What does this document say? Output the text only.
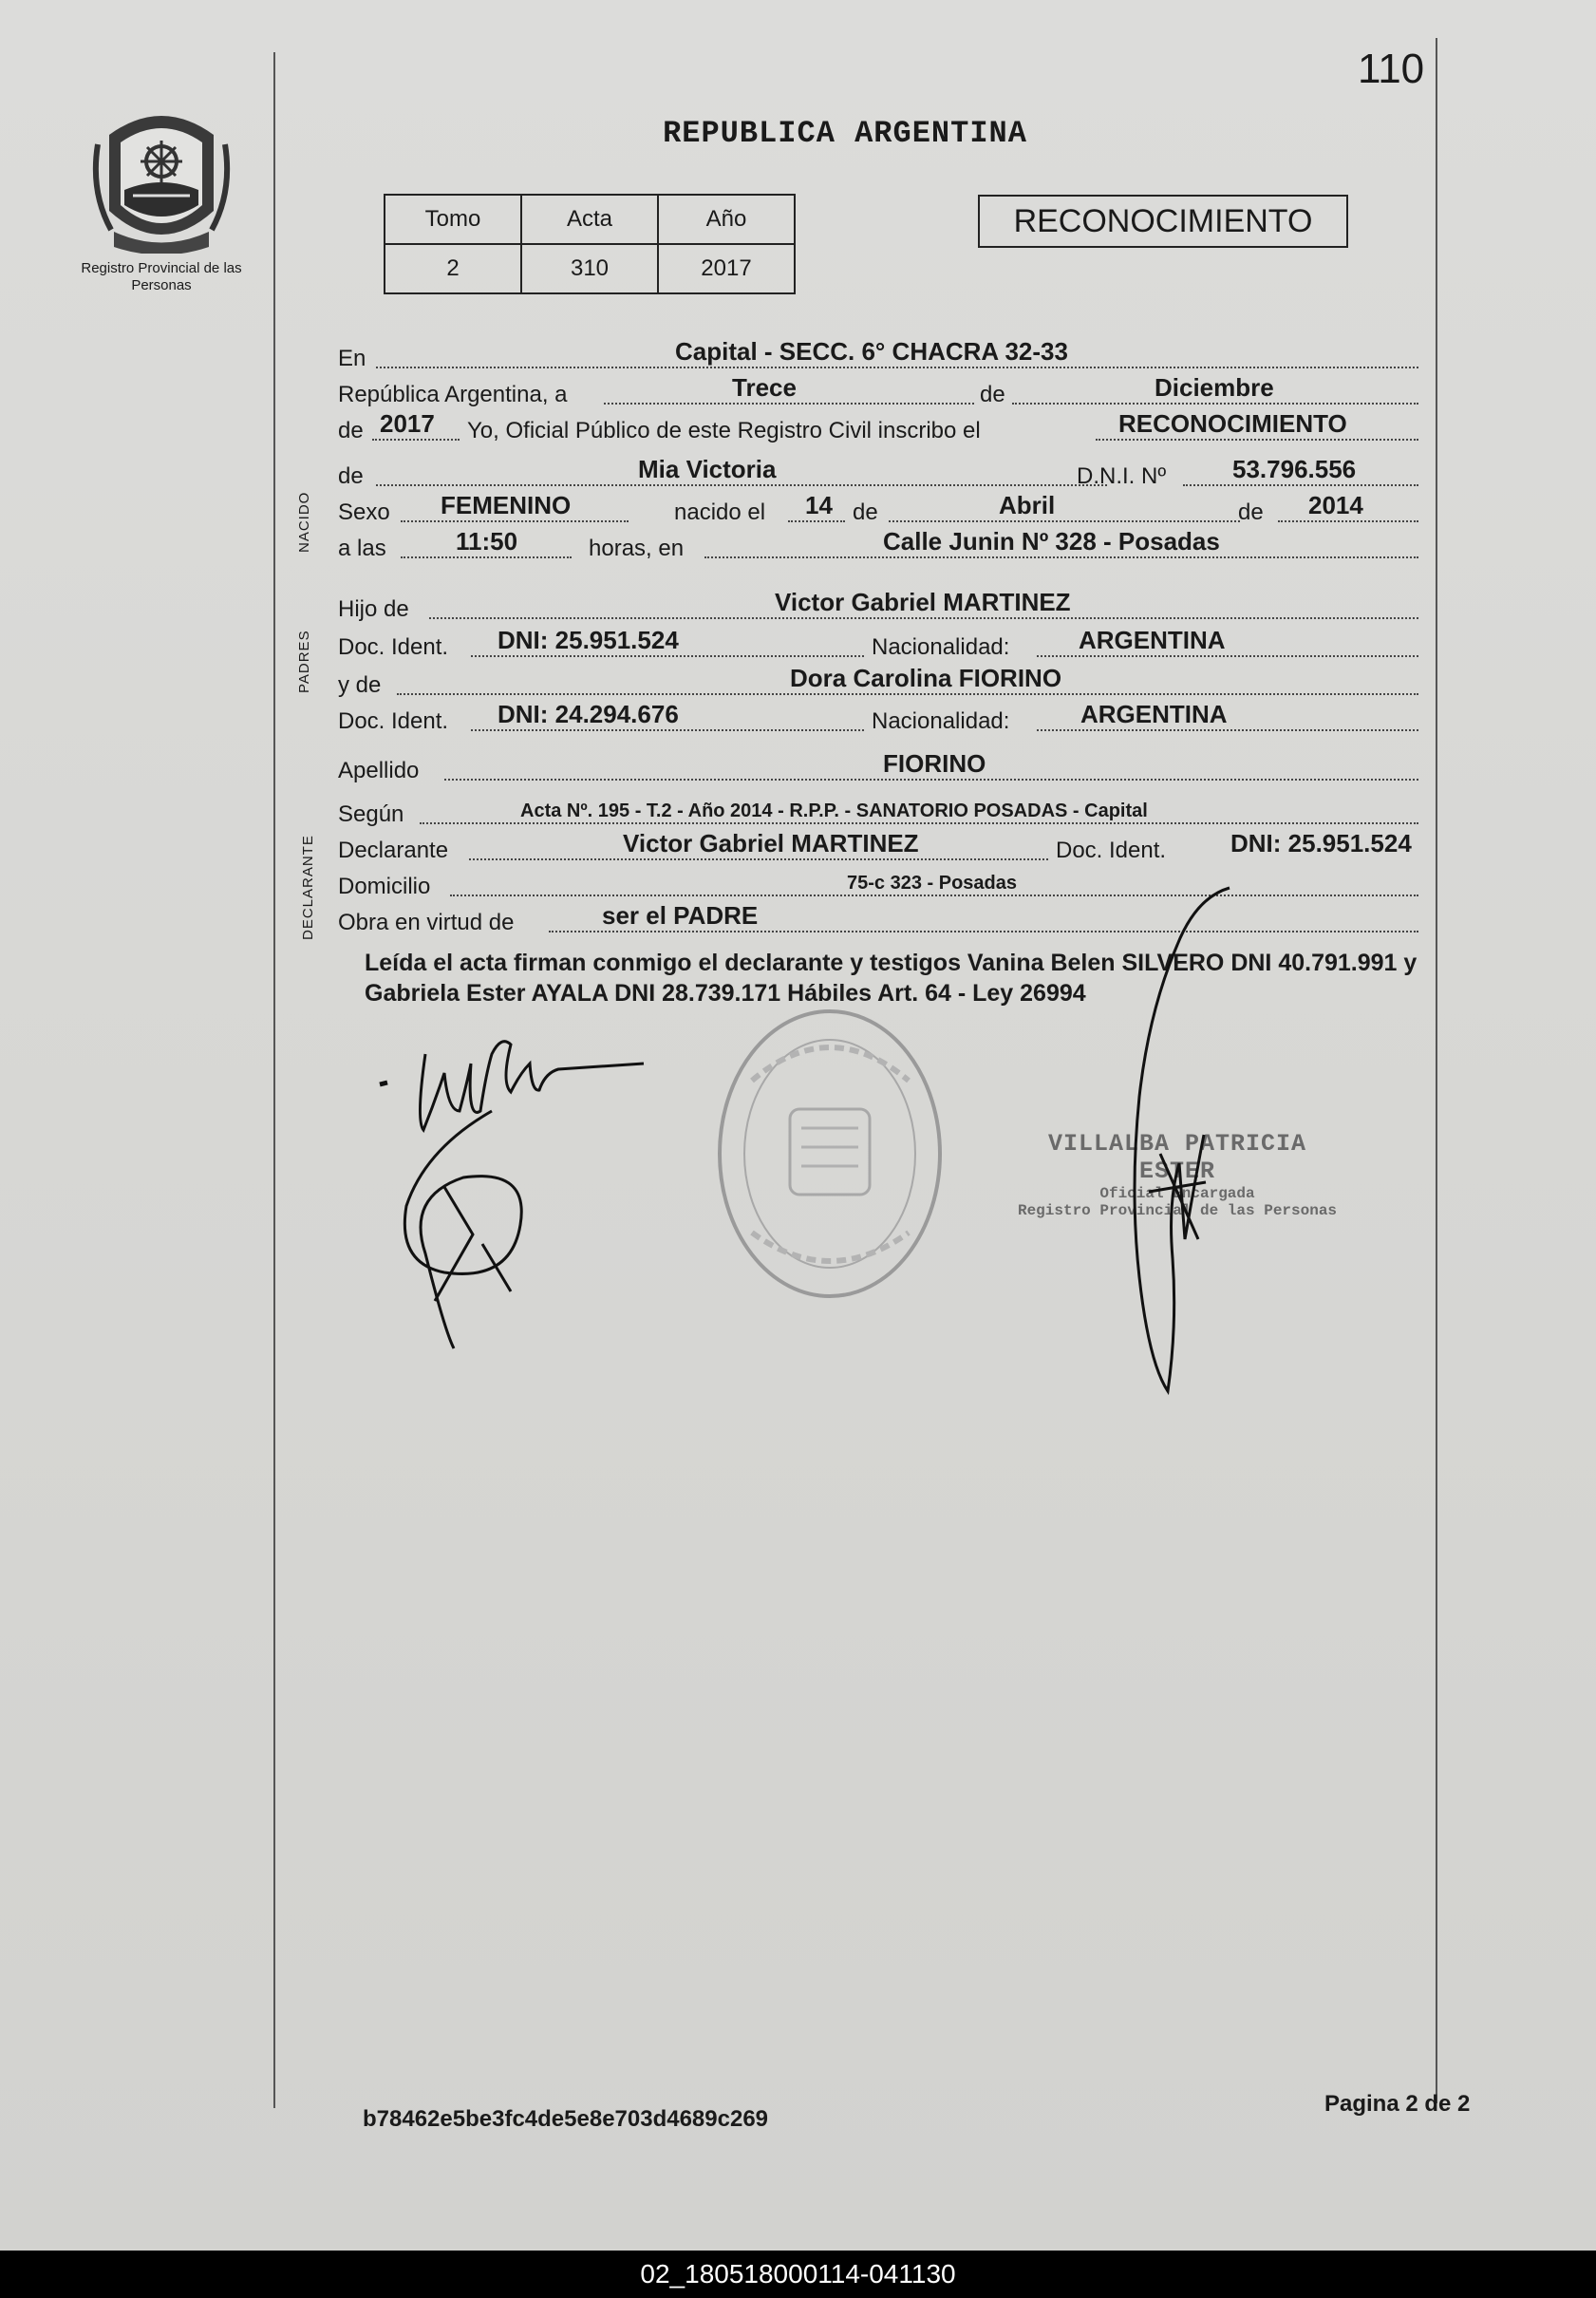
110
Registro Provincial de las Personas
REPUBLICA ARGENTINA
Tomo	Acta	Año
2	310	2017
RECONOCIMIENTO
NACIDO
PADRES
DECLARANTE
En	Capital - SECC. 6° CHACRA 32-33
República Argentina, a	Trece	de	Diciembre
de 2017 Yo, Oficial Público de este Registro Civil inscribo el	RECONOCIMIENTO
de	Mia Victoria	D.N.I. Nº	53.796.556
Sexo FEMENINO	nacido el 14 de	Abril	de 2014
a las	11:50	horas, en	Calle Junin Nº 328 - Posadas
Hijo de	Victor Gabriel MARTINEZ
Doc. Ident. DNI: 25.951.524	Nacionalidad:	ARGENTINA
y de	Dora Carolina FIORINO
Doc. Ident. DNI: 24.294.676	Nacionalidad:	ARGENTINA
Apellido	FIORINO
Según	Acta Nº. 195 - T.2 - Año 2014 - R.P.P. - SANATORIO POSADAS - Capital
Declarante	Victor Gabriel MARTINEZ	Doc. Ident.	DNI: 25.951.524
Domicilio	75-c 323 - Posadas
Obra en virtud de	ser el PADRE
Leída el acta firman conmigo el declarante y testigos Vanina Belen SILVERO DNI 40.791.991 y Gabriela Ester AYALA DNI 28.739.171 Hábiles Art. 64 - Ley 26994
VILLALBA PATRICIA ESTER
Oficial Encargada
Registro Provincial de las Personas
b78462e5be3fc4de5e8e703d4689c269
Pagina 2 de 2
02_180518000114-041130
